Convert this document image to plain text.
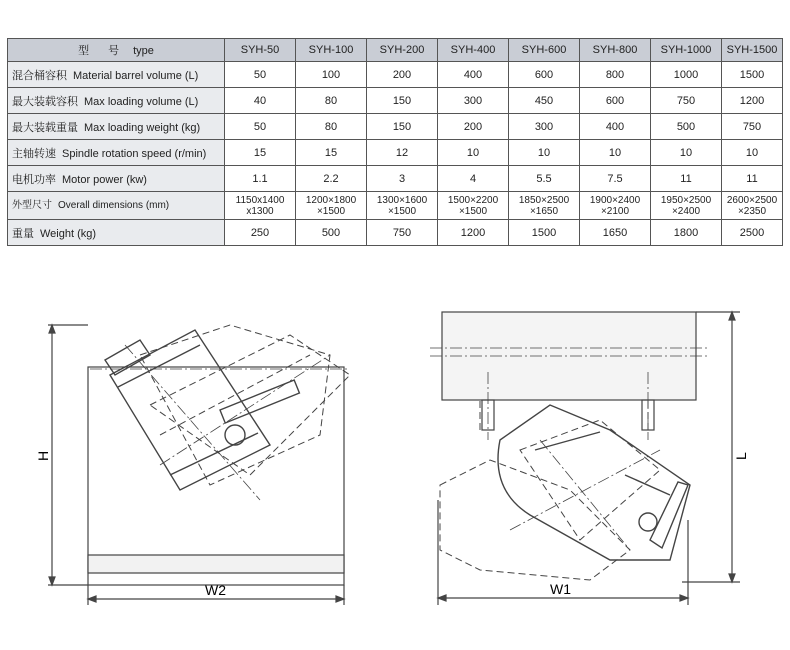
型 号 type	SYH-50	SYH-100	SYH-200	SYH-400	SYH-600	SYH-800	SYH-1000	SYH-1500
混合桶容积 Material barrel volume (L)	50	100	200	400	600	800	1000	1500
最大装载容积 Max loading volume (L)	40	80	150	300	450	600	750	1200
最大装载重量 Max loading weight (kg)	50	80	150	200	300	400	500	750
主轴转速 Spindle rotation speed (r/min)	15	15	12	10	10	10	10	10
电机功率 Motor power (kw)	1.1	2.2	3	4	5.5	7.5	11	11
外型尺寸 Overall dimensions (mm)	1150x1400 x1300	1200×1800 ×1500	1300×1600 ×1500	1500×2200 ×1500	1850×2500 ×1650	1900×2400 ×2100	1950×2500 ×2400	2600×2500 ×2350
重量 Weight (kg)	250	500	750	1200	1500	1650	1800	2500
H
W2
L
W1
